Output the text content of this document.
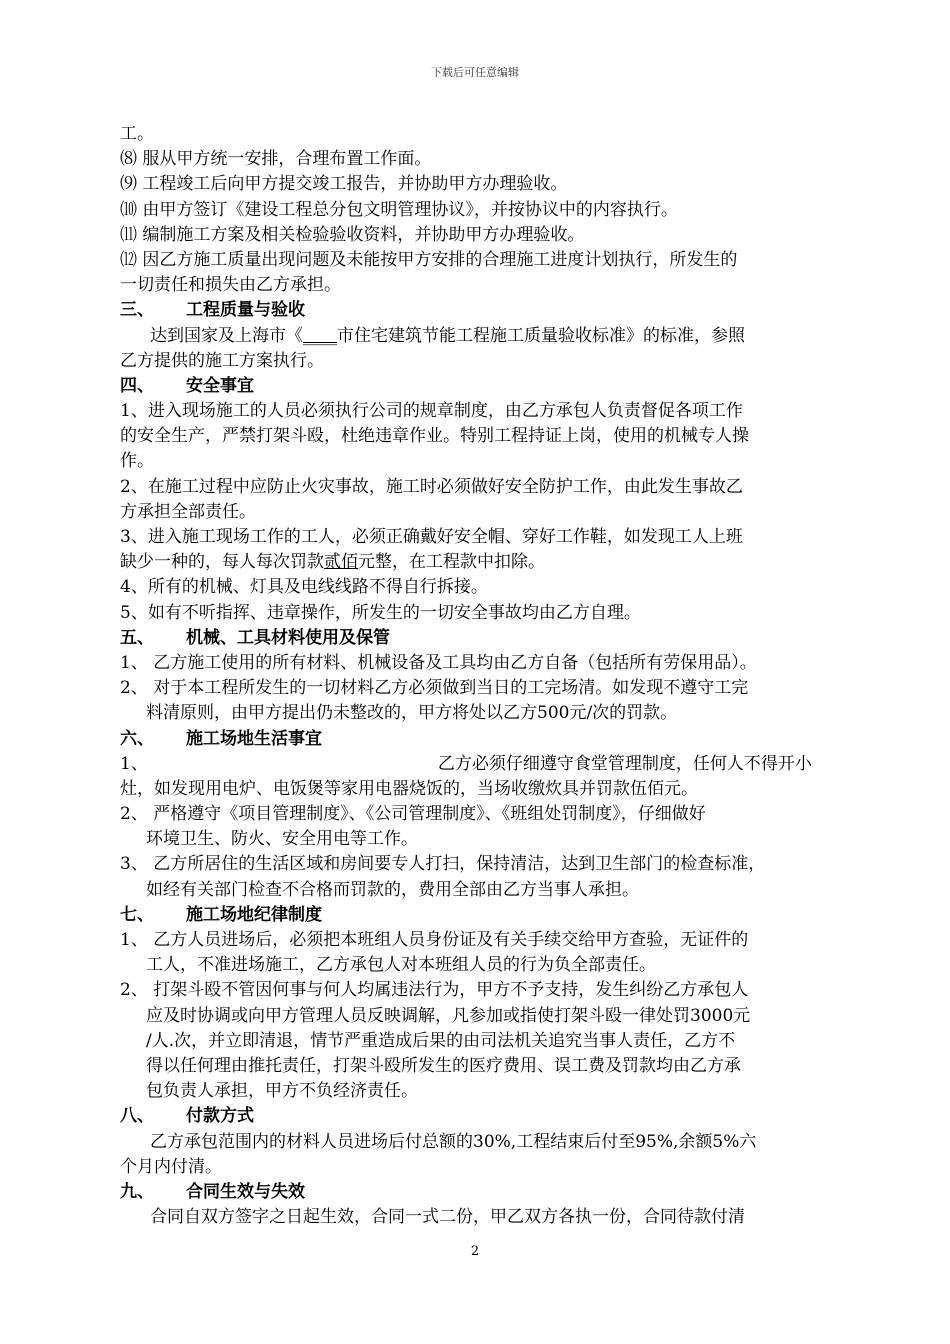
下载后可任意编辑
工。
⑻ 服从甲方统一安排，合理布置工作面。
⑼ 工程竣工后向甲方提交竣工报告，并协助甲方办理验收。
⑽ 由甲方签订《建设工程总分包文明管理协议》，并按协议中的内容执行。
⑾ 编制施工方案及相关检验验收资料，并协助甲方办理验收。
⑿ 因乙方施工质量出现问题及未能按甲方安排的合理施工进度计划执行，所发生的
一切责任和损失由乙方承担。
三、 工程质量与验收
达到国家及上海市《____市住宅建筑节能工程施工质量验收标准》的标准，参照
乙方提供的施工方案执行。
四、 安全事宜
1、进入现场施工的人员必须执行公司的规章制度，由乙方承包人负责督促各项工作
的安全生产，严禁打架斗殴，杜绝违章作业。特别工程持证上岗，使用的机械专人操
作。
2、在施工过程中应防止火灾事故，施工时必须做好安全防护工作，由此发生事故乙
方承担全部责任。
3、进入施工现场工作的工人，必须正确戴好安全帽、穿好工作鞋，如发现工人上班
缺少一种的，每人每次罚款贰佰元整，在工程款中扣除。
4、所有的机械、灯具及电线线路不得自行拆接。
5、如有不听指挥、违章操作，所发生的一切安全事故均由乙方自理。
五、 机械、工具材料使用及保管
1、 乙方施工使用的所有材料、机械设备及工具均由乙方自备（包括所有劳保用品）。
2、 对于本工程所发生的一切材料乙方必须做到当日的工完场清。如发现不遵守工完
料清原则，由甲方提出仍未整改的，甲方将处以乙方500元/次的罚款。
六、 施工场地生活事宜
1、	乙方必须仔细遵守食堂管理制度，任何人不得开小
灶，如发现用电炉、电饭煲等家用电器烧饭的，当场收缴炊具并罚款伍佰元。
2、 严格遵守《项目管理制度》、《公司管理制度》、《班组处罚制度》，仔细做好
环境卫生、防火、安全用电等工作。
3、 乙方所居住的生活区域和房间要专人打扫，保持清洁，达到卫生部门的检查标准，
如经有关部门检查不合格而罚款的，费用全部由乙方当事人承担。
七、 施工场地纪律制度
1、 乙方人员进场后，必须把本班组人员身份证及有关手续交给甲方查验，无证件的
工人，不准进场施工，乙方承包人对本班组人员的行为负全部责任。
2、 打架斗殴不管因何事与何人均属违法行为，甲方不予支持，发生纠纷乙方承包人
应及时协调或向甲方管理人员反映调解，凡参加或指使打架斗殴一律处罚3000元
/人.次，并立即清退，情节严重造成后果的由司法机关追究当事人责任，乙方不
得以任何理由推托责任，打架斗殴所发生的医疗费用、误工费及罚款均由乙方承
包负责人承担，甲方不负经济责任。
八、 付款方式
乙方承包范围内的材料人员进场后付总额的30%,工程结束后付至95%,余额5%六
个月内付清。
九、 合同生效与失效
合同自双方签字之日起生效，合同一式二份，甲乙双方各执一份，合同待款付清
2
